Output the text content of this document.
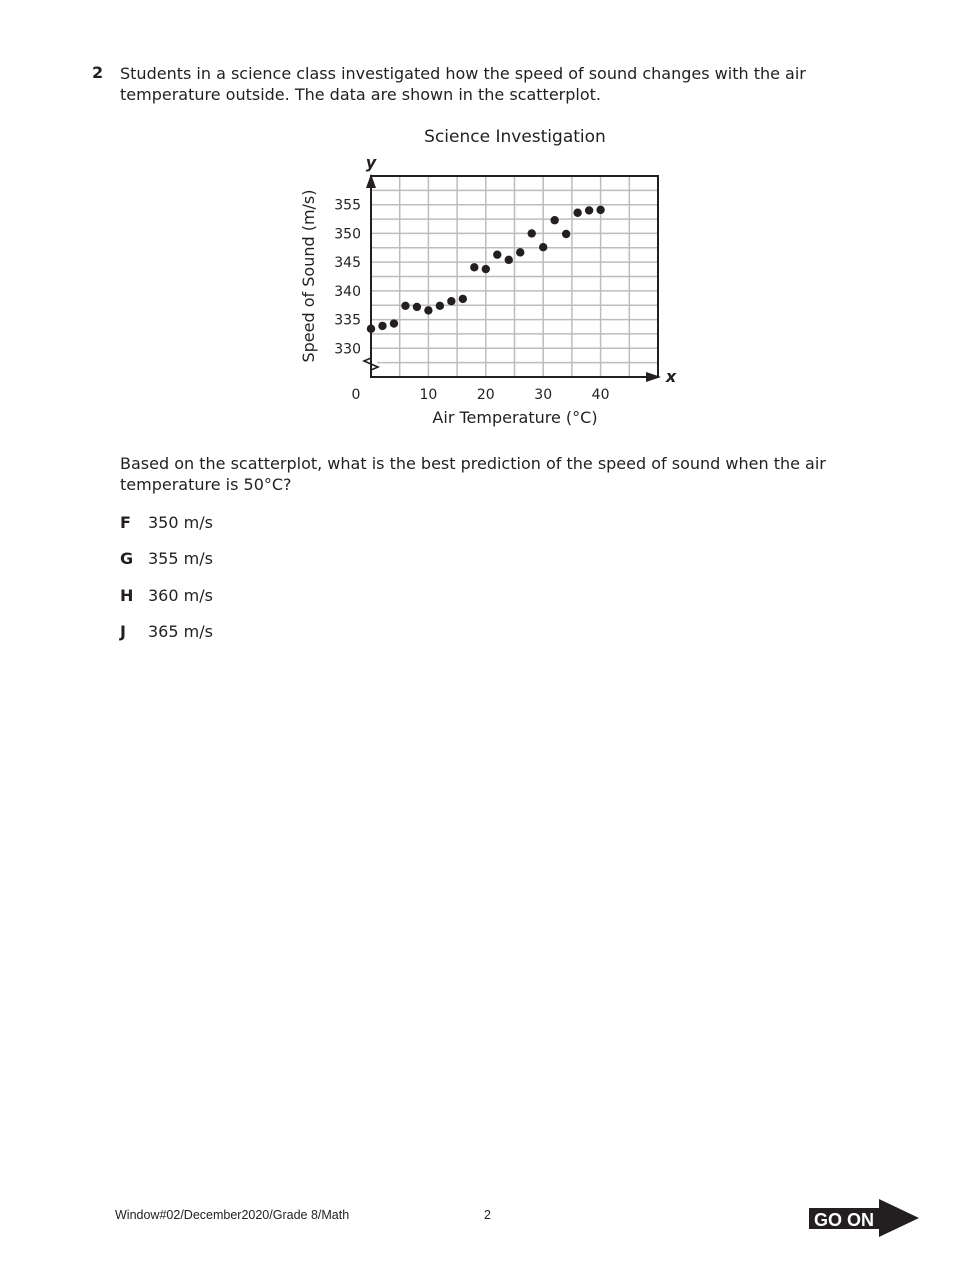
2 Students in a science class investigated how the speed of sound changes with the air temperature outside. The data are shown in the scatterplot.
Science Investigation
y
x
0	10	20	30	40
330
335
340
345
350
355
Air Temperature (°C)
Speed of Sound (m/s)
Based on the scatterplot, what is the best prediction of the speed of sound when the air temperature is 50°C?
F 350 m/s
G 355 m/s
H 360 m/s
J 365 m/s
Window#02/December2020/Grade 8/Math	2	GO ON
